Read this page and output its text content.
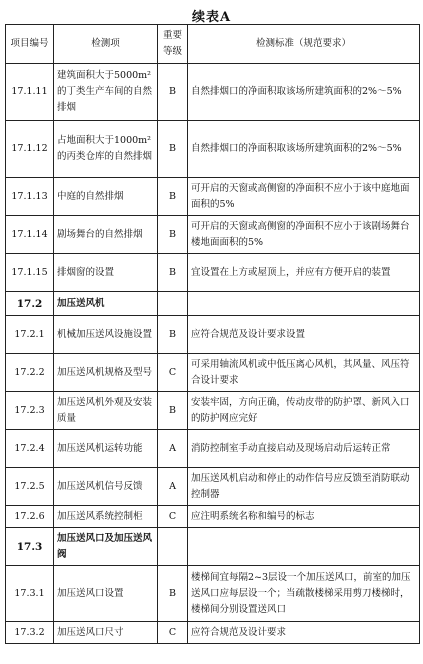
续表A
项目编号	检测项	重要等级	检测标准（规范要求）
17.1.11	建筑面积大于5000m²的丁类生产车间的自然排烟	B	自然排烟口的净面积取该场所建筑面积的2%～5%
17.1.12	占地面积大于1000m²的丙类仓库的自然排烟	B	自然排烟口的净面积取该场所建筑面积的2%～5%
17.1.13	中庭的自然排烟	B	可开启的天窗或高侧窗的净面积不应小于该中庭地面面积的5%
17.1.14	剧场舞台的自然排烟	B	可开启的天窗或高侧窗的净面积不应小于该剧场舞台楼地面面积的5%
17.1.15	排烟窗的设置	B	宜设置在上方或屋顶上，并应有方便开启的装置
17.2	加压送风机		
17.2.1	机械加压送风设施设置	B	应符合规范及设计要求设置
17.2.2	加压送风机规格及型号	C	可采用轴流风机或中低压离心风机，其风量、风压符合设计要求
17.2.3	加压送风机外观及安装质量	B	安装牢固，方向正确，传动皮带的防护罩、新风入口的防护网应完好
17.2.4	加压送风机运转功能	A	消防控制室手动直接启动及现场启动后运转正常
17.2.5	加压送风机信号反馈	A	加压送风机启动和停止的动作信号应反馈至消防联动控制器
17.2.6	加压送风系统控制柜	C	应注明系统名称和编号的标志
17.3	加压送风口及加压送风阀		
17.3.1	加压送风口设置	B	楼梯间宜每隔2~3层设一个加压送风口，前室的加压送风口应每层设一个；当疏散楼梯采用剪刀楼梯时，楼梯间分别设置送风口
17.3.2	加压送风口尺寸	C	应符合规范及设计要求
